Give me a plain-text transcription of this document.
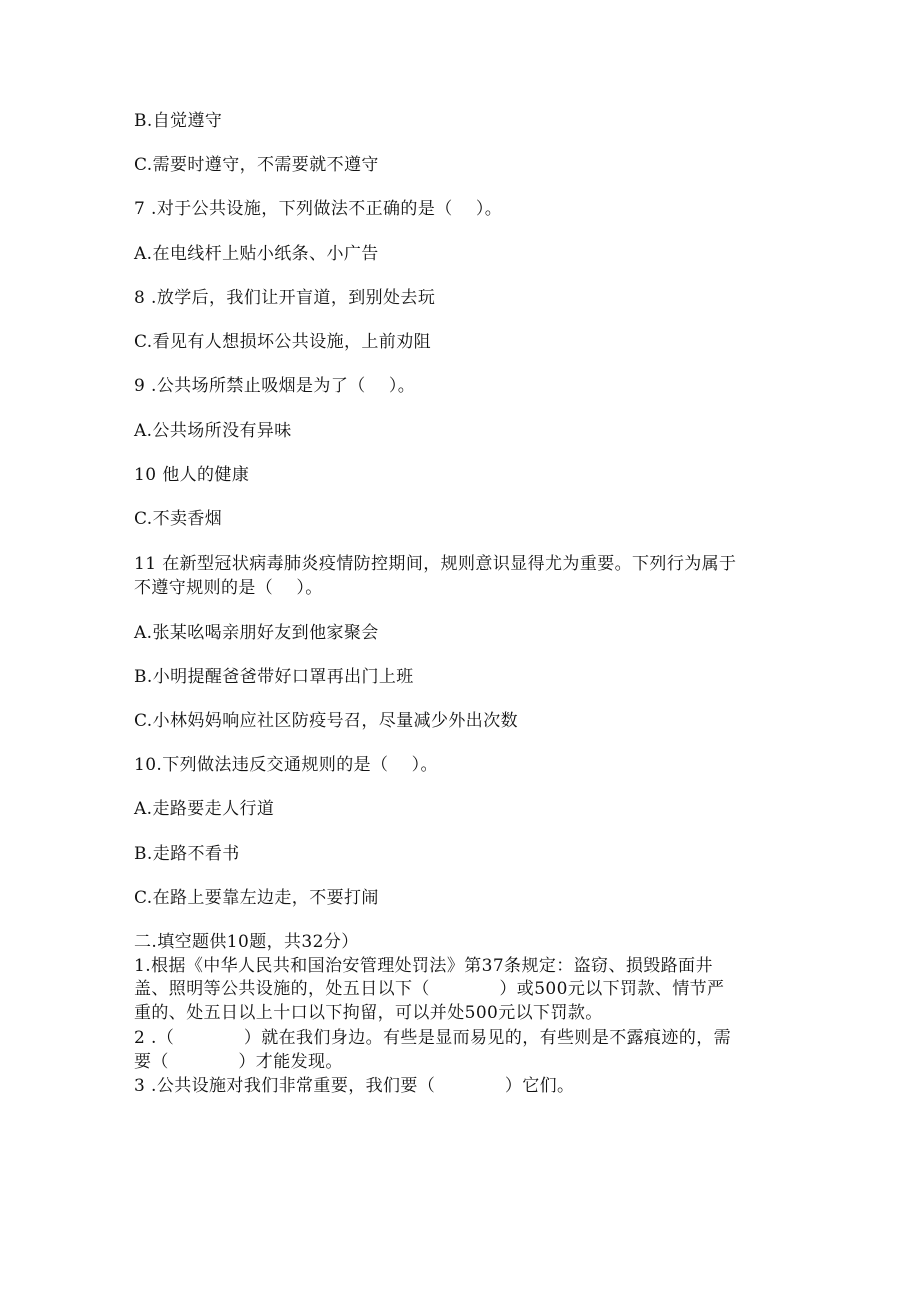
B.自觉遵守
C.需要时遵守，不需要就不遵守
7 .对于公共设施，下列做法不正确的是（　 ）。
A.在电线杆上贴小纸条、小广告
8 .放学后，我们让开盲道，到别处去玩
C.看见有人想损坏公共设施，上前劝阻
9 .公共场所禁止吸烟是为了（　 ）。
A.公共场所没有异味
10 他人的健康
C.不卖香烟
11 在新型冠状病毒肺炎疫情防控期间，规则意识显得尤为重要。下列行为属于
不遵守规则的是（　 ）。
A.张某吆喝亲朋好友到他家聚会
B.小明提醒爸爸带好口罩再出门上班
C.小林妈妈响应社区防疫号召，尽量减少外出次数
10.下列做法违反交通规则的是（　 ）。
A.走路要走人行道
B.走路不看书
C.在路上要靠左边走，不要打闹
二.填空题供10题，共32分）
1.根据《中华人民共和国治安管理处罚法》第37条规定：盗窃、损毁路面井
盖、照明等公共设施的，处五日以下（　　　　）或500元以下罚款、情节严
重的、处五日以上十口以下拘留，可以并处500元以下罚款。
2 .（　　　　）就在我们身边。有些是显而易见的，有些则是不露痕迹的，需
要（　　　　）才能发现。
3 .公共设施对我们非常重要，我们要（　　　　）它们。
